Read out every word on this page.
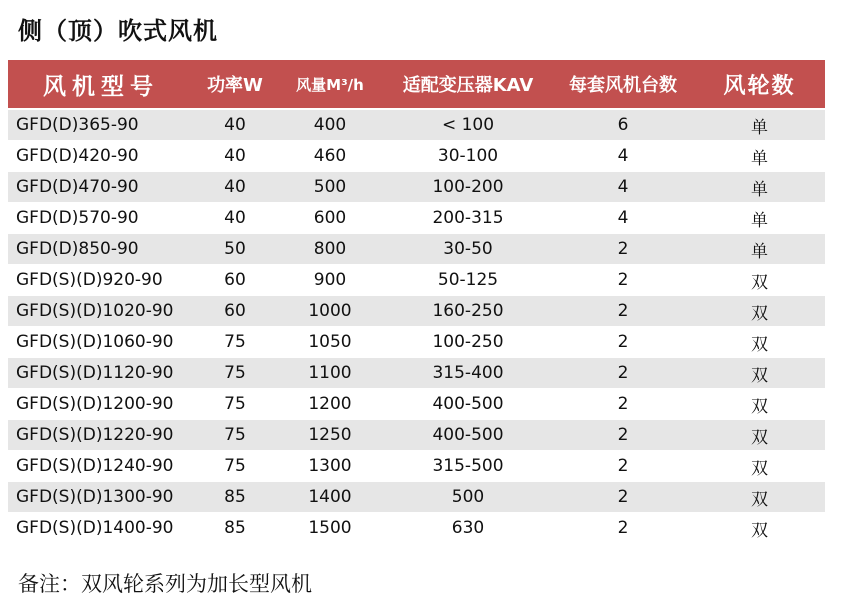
侧（顶）吹式风机
风机型号	功率W	风量M³/h	适配变压器KAV	每套风机台数	风轮数
GFD(D)365-90	40	400	< 100	6	单
GFD(D)420-90	40	460	30-100	4	单
GFD(D)470-90	40	500	100-200	4	单
GFD(D)570-90	40	600	200-315	4	单
GFD(D)850-90	50	800	30-50	2	单
GFD(S)(D)920-90	60	900	50-125	2	双
GFD(S)(D)1020-90	60	1000	160-250	2	双
GFD(S)(D)1060-90	75	1050	100-250	2	双
GFD(S)(D)1120-90	75	1100	315-400	2	双
GFD(S)(D)1200-90	75	1200	400-500	2	双
GFD(S)(D)1220-90	75	1250	400-500	2	双
GFD(S)(D)1240-90	75	1300	315-500	2	双
GFD(S)(D)1300-90	85	1400	500	2	双
GFD(S)(D)1400-90	85	1500	630	2	双
备注：双风轮系列为加长型风机
